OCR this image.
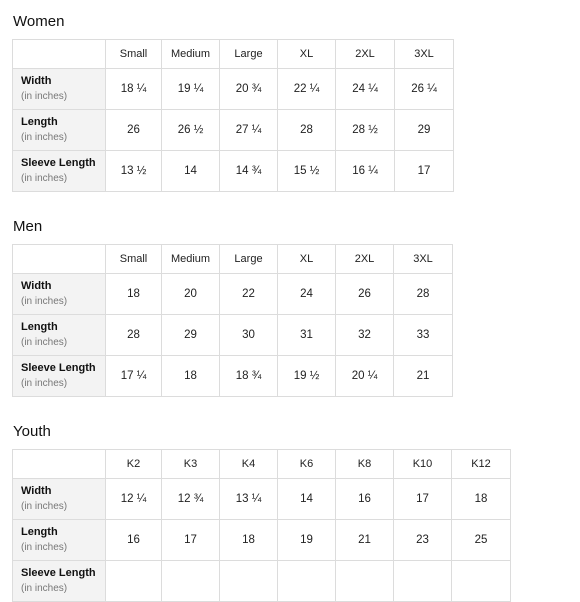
Women
	Small	Medium	Large	XL	2XL	3XL

Width
(in inches)	18 ¼	19 ¼	20 ¾	22 ¼	24 ¼	26 ¼

Length
(in inches)	26	26 ½	27 ¼	28	28 ½	29

Sleeve Length
(in inches)	13 ½	14	14 ¾	15 ½	16 ¼	17
Men
	Small	Medium	Large	XL	2XL	3XL

Width
(in inches)	18	20	22	24	26	28

Length
(in inches)	28	29	30	31	32	33

Sleeve Length
(in inches)	17 ¼	18	18 ¾	19 ½	20 ¼	21
Youth
	K2	K3	K4	K6	K8	K10	K12

Width
(in inches)	12 ¼	12 ¾	13 ¼	14	16	17	18

Length
(in inches)	16	17	18	19	21	23	25

Sleeve Length
(in inches)							
